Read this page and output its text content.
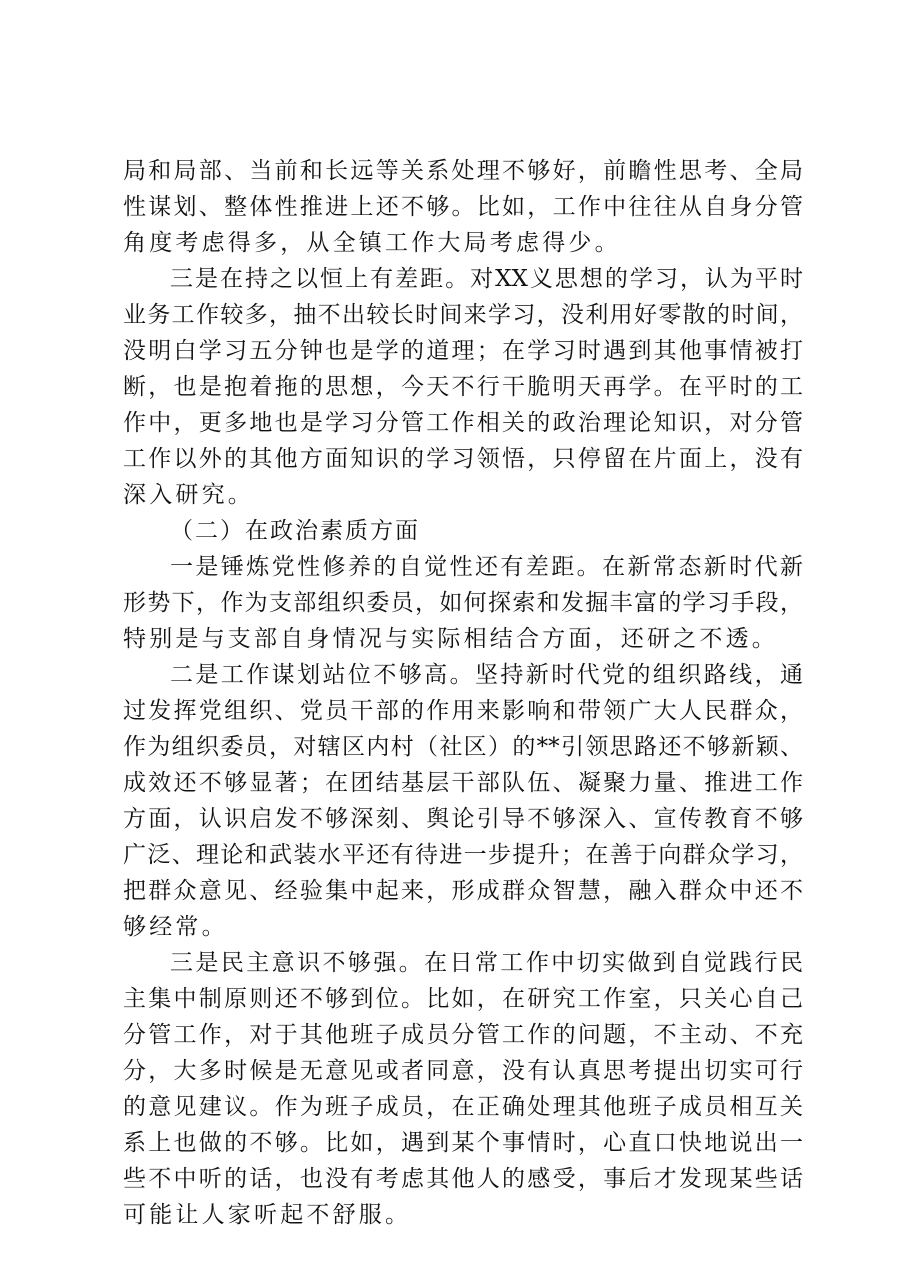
局和局部、当前和长远等关系处理不够好，前瞻性思考、全局

性谋划、整体性推进上还不够。比如，工作中往往从自身分管

角度考虑得多，从全镇工作大局考虑得少。

三是在持之以恒上有差距。对XX义思想的学习，认为平时

业务工作较多，抽不出较长时间来学习，没利用好零散的时间，

没明白学习五分钟也是学的道理；在学习时遇到其他事情被打

断，也是抱着拖的思想，今天不行干脆明天再学。在平时的工

作中，更多地也是学习分管工作相关的政治理论知识，对分管

工作以外的其他方面知识的学习领悟，只停留在片面上，没有

深入研究。

（二）在政治素质方面

一是锤炼党性修养的自觉性还有差距。在新常态新时代新

形势下，作为支部组织委员，如何探索和发掘丰富的学习手段，

特别是与支部自身情况与实际相结合方面，还研之不透。

二是工作谋划站位不够高。坚持新时代党的组织路线，通

过发挥党组织、党员干部的作用来影响和带领广大人民群众，

作为组织委员，对辖区内村（社区）的**引领思路还不够新颖、

成效还不够显著；在团结基层干部队伍、凝聚力量、推进工作

方面，认识启发不够深刻、舆论引导不够深入、宣传教育不够

广泛、理论和武装水平还有待进一步提升；在善于向群众学习，

把群众意见、经验集中起来，形成群众智慧，融入群众中还不

够经常。

三是民主意识不够强。在日常工作中切实做到自觉践行民

主集中制原则还不够到位。比如，在研究工作室，只关心自己

分管工作，对于其他班子成员分管工作的问题，不主动、不充

分，大多时候是无意见或者同意，没有认真思考提出切实可行

的意见建议。作为班子成员，在正确处理其他班子成员相互关

系上也做的不够。比如，遇到某个事情时，心直口快地说出一

些不中听的话，也没有考虑其他人的感受，事后才发现某些话

可能让人家听起不舒服。
